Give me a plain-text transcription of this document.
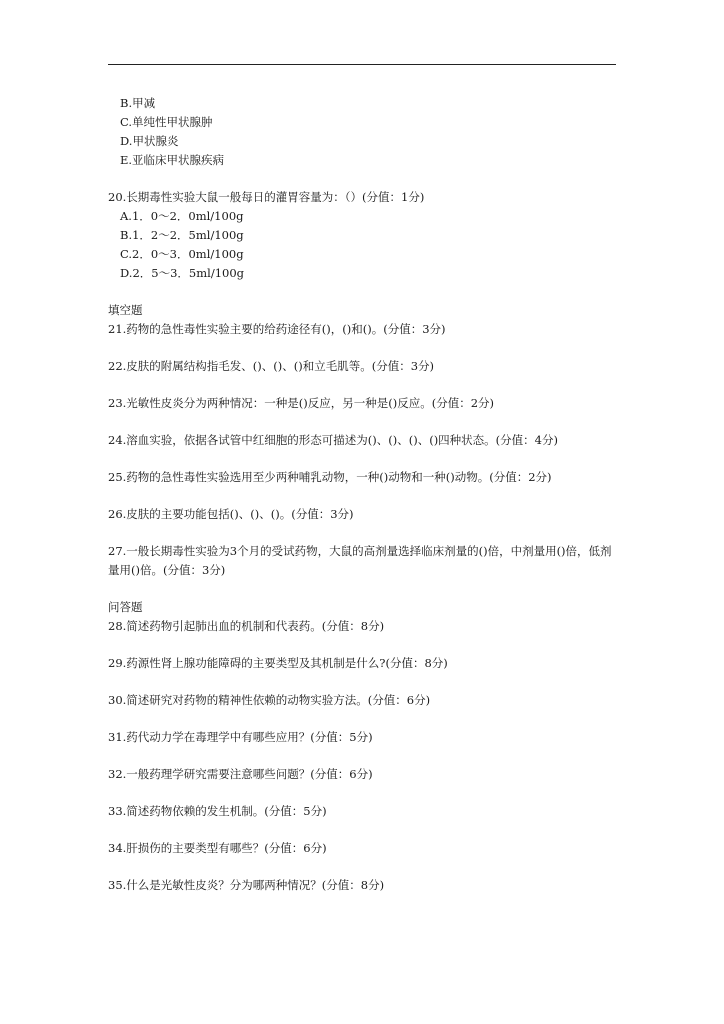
B.甲减
C.单纯性甲状腺肿
D.甲状腺炎
E.亚临床甲状腺疾病
20.长期毒性实验大鼠一般每日的灌胃容量为：（）(分值：1分)
A.1．0～2．0ml/100g
B.1．2～2．5ml/100g
C.2．0～3．0ml/100g
D.2．5～3．5ml/100g
填空题
21.药物的急性毒性实验主要的给药途径有()，()和()。(分值：3分)
22.皮肤的附属结构指毛发、()、()、()和立毛肌等。(分值：3分)
23.光敏性皮炎分为两种情况：一种是()反应，另一种是()反应。(分值：2分)
24.溶血实验，依据各试管中红细胞的形态可描述为()、()、()、()四种状态。(分值：4分)
25.药物的急性毒性实验选用至少两种哺乳动物，一种()动物和一种()动物。(分值：2分)
26.皮肤的主要功能包括()、()、()。(分值：3分)
27.一般长期毒性实验为3个月的受试药物，大鼠的高剂量选择临床剂量的()倍，中剂量用()倍，低剂量用()倍。(分值：3分)
问答题
28.简述药物引起肺出血的机制和代表药。(分值：8分)
29.药源性肾上腺功能障碍的主要类型及其机制是什么?(分值：8分)
30.简述研究对药物的精神性依赖的动物实验方法。(分值：6分)
31.药代动力学在毒理学中有哪些应用？(分值：5分)
32.一般药理学研究需要注意哪些问题？(分值：6分)
33.简述药物依赖的发生机制。(分值：5分)
34.肝损伤的主要类型有哪些？(分值：6分)
35.什么是光敏性皮炎？分为哪两种情况？(分值：8分)
